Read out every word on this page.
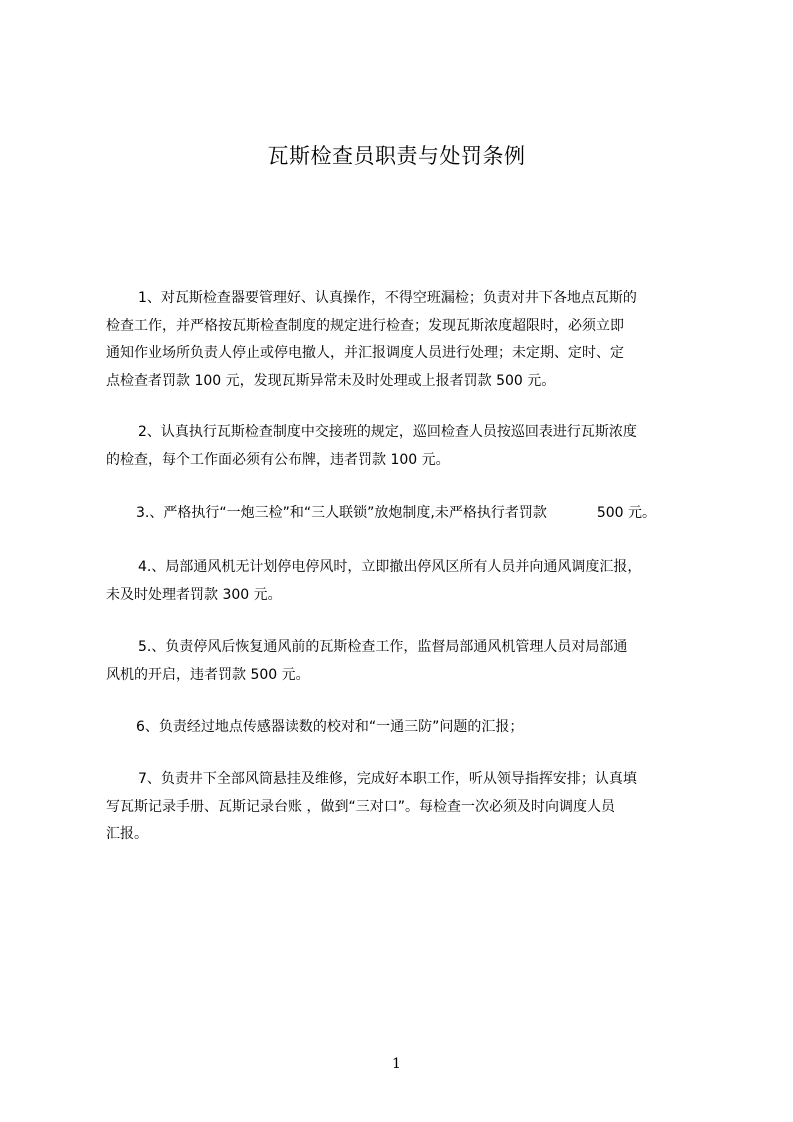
瓦斯检查员职责与处罚条例
1、对瓦斯检查器要管理好、认真操作，不得空班漏检；负责对井下各地点瓦斯的
检查工作，并严格按瓦斯检查制度的规定进行检查；发现瓦斯浓度超限时，必须立即
通知作业场所负责人停止或停电撤人，并汇报调度人员进行处理；未定期、定时、定
点检查者罚款 100 元，发现瓦斯异常未及时处理或上报者罚款 500 元。
2、认真执行瓦斯检查制度中交接班的规定，巡回检查人员按巡回表进行瓦斯浓度
的检查，每个工作面必须有公布牌，违者罚款 100 元。
3.、严格执行“一炮三检”和“三人联锁”放炮制度,未严格执行者罚款	500 元。
4.、局部通风机无计划停电停风时，立即撤出停风区所有人员并向通风调度汇报，
未及时处理者罚款 300 元。
5.、负责停风后恢复通风前的瓦斯检查工作，监督局部通风机管理人员对局部通
风机的开启，违者罚款 500 元。
6、负责经过地点传感器读数的校对和“一通三防”问题的汇报；
7、负责井下全部风筒悬挂及维修，完成好本职工作，听从领导指挥安排；认真填
写瓦斯记录手册、瓦斯记录台账 ，做到“三对口”。每检查一次必须及时向调度人员
汇报。
1
